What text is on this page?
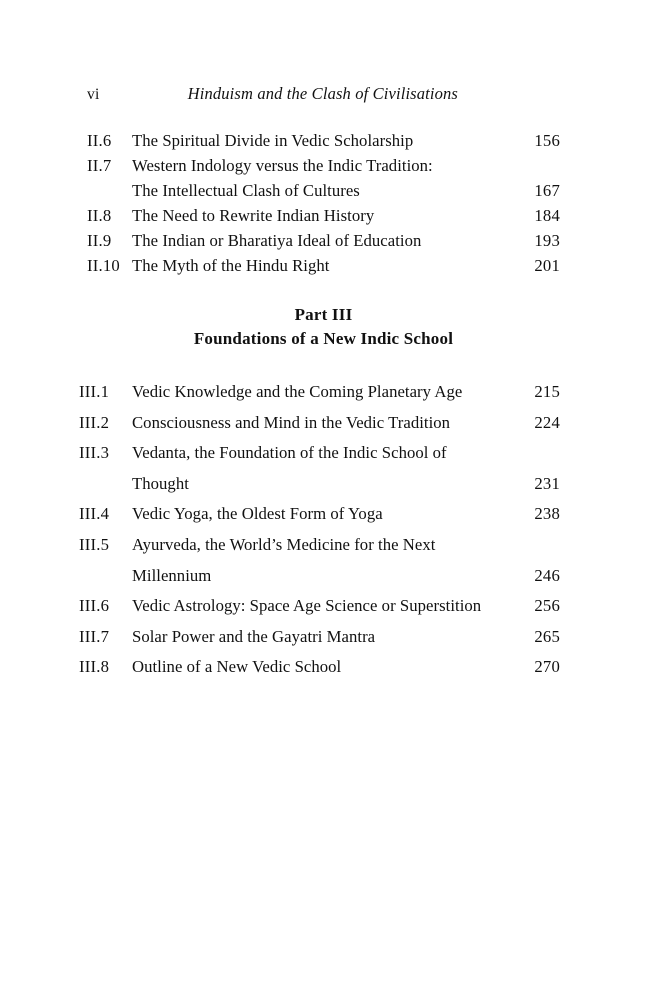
vi	Hinduism and the Clash of Civilisations
II.6	The Spiritual Divide in Vedic Scholarship	156
II.7	Western Indology versus the Indic Tradition:
The Intellectual Clash of Cultures	167
II.8	The Need to Rewrite Indian History	184
II.9	The Indian or Bharatiya Ideal of Education	193
II.10 The Myth of the Hindu Right	201
Part III
Foundations of a New Indic School
III.1	Vedic Knowledge and the Coming Planetary Age	215
III.2	Consciousness and Mind in the Vedic Tradition	224
III.3	Vedanta, the Foundation of the Indic School of
Thought	231
III.4	Vedic Yoga, the Oldest Form of Yoga	238
III.5	Ayurveda, the World’s Medicine for the Next
Millennium	246
III.6	Vedic Astrology: Space Age Science or Superstition	256
III.7	Solar Power and the Gayatri Mantra	265
III.8	Outline of a New Vedic School	270
